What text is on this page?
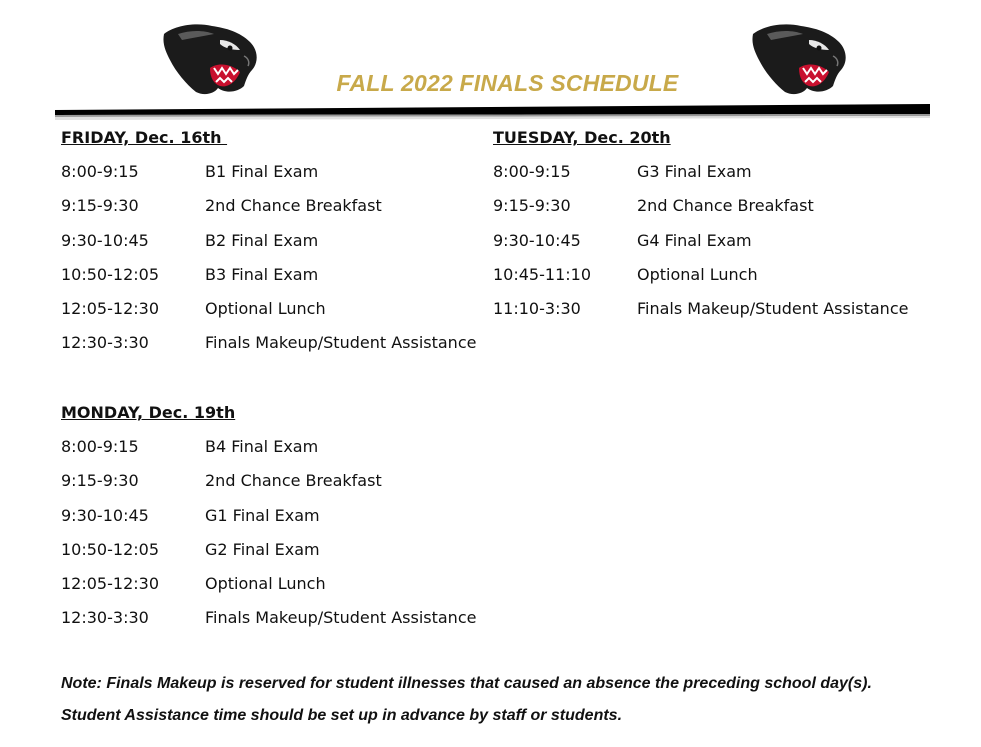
FALL 2022 FINALS SCHEDULE
FRIDAY, Dec. 16th
8:00-9:15	B1 Final Exam
9:15-9:30	2nd Chance Breakfast
9:30-10:45	B2 Final Exam
10:50-12:05	B3 Final Exam
12:05-12:30	Optional Lunch
12:30-3:30	Finals Makeup/Student Assistance
TUESDAY, Dec. 20th
8:00-9:15	G3 Final Exam
9:15-9:30	2nd Chance Breakfast
9:30-10:45	G4 Final Exam
10:45-11:10	Optional Lunch
11:10-3:30	Finals Makeup/Student Assistance
MONDAY, Dec. 19th
8:00-9:15	B4 Final Exam
9:15-9:30	2nd Chance Breakfast
9:30-10:45	G1 Final Exam
10:50-12:05	G2 Final Exam
12:05-12:30	Optional Lunch
12:30-3:30	Finals Makeup/Student Assistance
Note: Finals Makeup is reserved for student illnesses that caused an absence the preceding school day(s).
Student Assistance time should be set up in advance by staff or students.
